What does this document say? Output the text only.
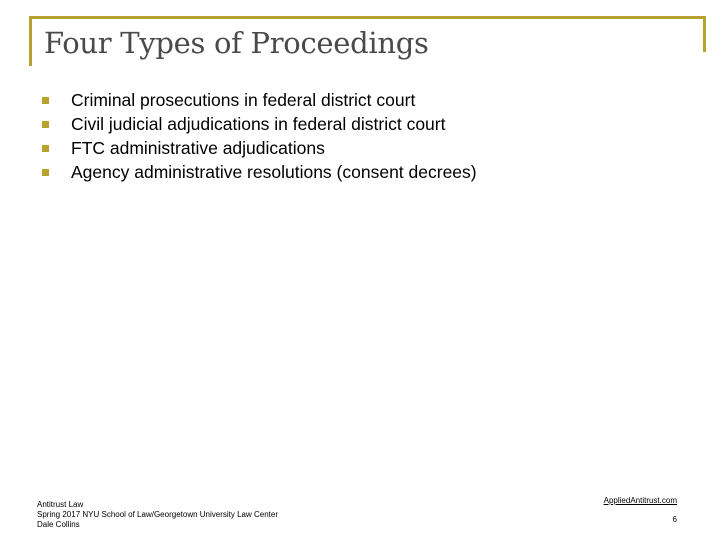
Four Types of Proceedings
Criminal prosecutions in federal district court
Civil judicial adjudications in federal district court
FTC administrative adjudications
Agency administrative resolutions (consent decrees)
Antitrust Law
Spring 2017 NYU School of Law/Georgetown University Law Center
Dale Collins
AppliedAntitrust.com
6
